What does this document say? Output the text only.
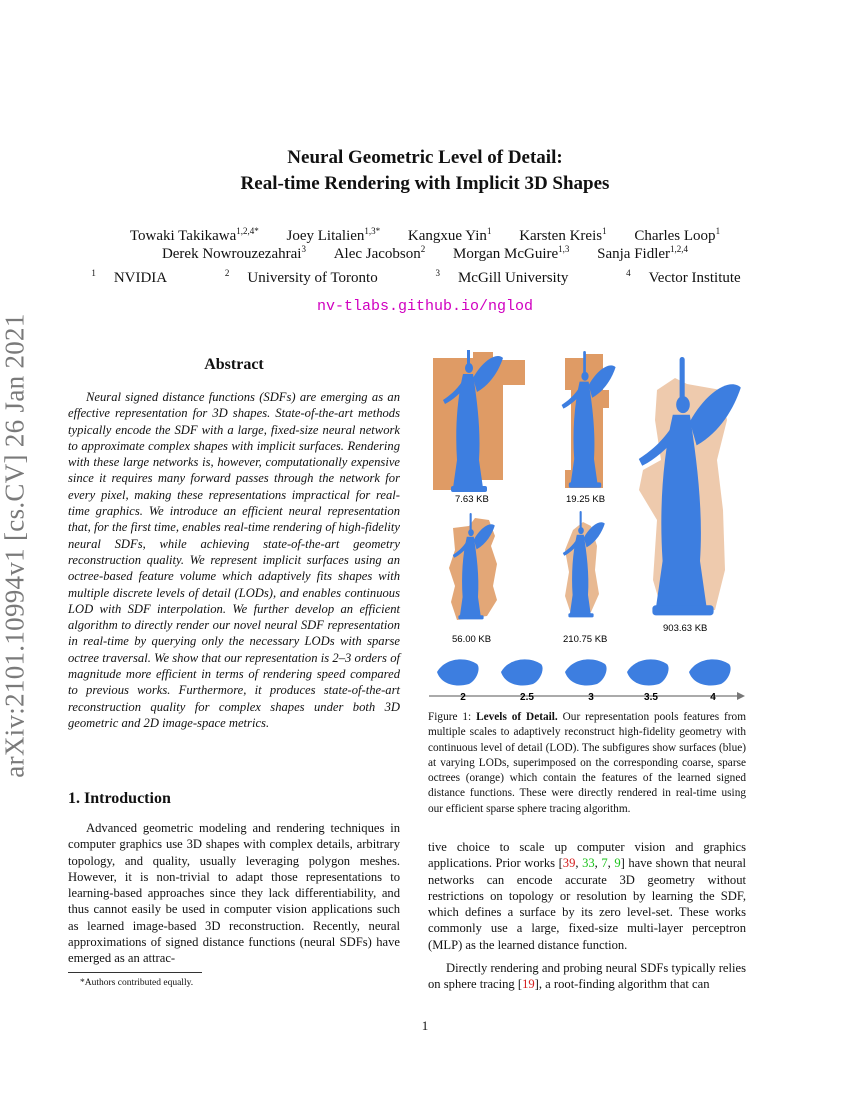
arXiv:2101.10994v1 [cs.CV] 26 Jan 2021
Neural Geometric Level of Detail:
Real-time Rendering with Implicit 3D Shapes
Towaki Takikawa$^{1,2,4*}$ Joey Litalien$^{1,3*}$ Kangxue Yin$^1$ Karsten Kreis$^1$ Charles Loop$^1$
Derek Nowrouzezahrai$^3$ Alec Jacobson$^2$ Morgan McGuire$^{1,3}$ Sanja Fidler$^{1,2,4}$
$^1$ NVIDIA	$^2$ University of Toronto	$^3$ McGill University	$^4$ Vector Institute
nv-tlabs.github.io/nglod
Abstract

Neural signed distance functions (SDFs) are emerging as an effective representation for 3D shapes. State-of-the-art methods typically encode the SDF with a large, fixed-size neural network to approximate complex shapes with implicit surfaces. Rendering with these large networks is, however, computationally expensive since it requires many forward passes through the network for every pixel, making these representations impractical for real-time graphics. We introduce an efficient neural representation that, for the first time, enables real-time rendering of high-fidelity neural SDFs, while achieving state-of-the-art geometry reconstruction quality. We represent implicit surfaces using an octree-based feature volume which adaptively fits shapes with multiple discrete levels of detail (LODs), and enables continuous LOD with SDF interpolation. We further develop an efficient algorithm to directly render our novel neural SDF representation in real-time by querying only the necessary LODs with sparse octree traversal. We show that our representation is 2–3 orders of magnitude more efficient in terms of rendering speed compared to previous works. Furthermore, it produces state-of-the-art reconstruction quality for complex shapes under both 3D geometric and 2D image-space metrics.

1. Introduction

Advanced geometric modeling and rendering techniques in computer graphics use 3D shapes with complex details, arbitrary topology, and quality, usually leveraging polygon meshes. However, it is non-trivial to adapt those representations to learning-based approaches since they lack differentiability, and thus cannot easily be used in computer vision applications such as learned image-based 3D reconstruction. Recently, neural approximations of signed distance functions (neural SDFs) have emerged as an attrac-

*Authors contributed equally.
7.63 KB	19.25 KB
56.00 KB	210.75 KB
903.63 KB
2	2.5	3	3.5	4

Figure 1: Levels of Detail. Our representation pools features from multiple scales to adaptively reconstruct high-fidelity geometry with continuous level of detail (LOD). The subfigures show surfaces (blue) at varying LODs, superimposed on the corresponding coarse, sparse octrees (orange) which contain the features of the learned signed distance functions. These were directly rendered in real-time using our efficient sparse sphere tracing algorithm.

tive choice to scale up computer vision and graphics applications. Prior works [39, 33, 7, 9] have shown that neural networks can encode accurate 3D geometry without restrictions on topology or resolution by learning the SDF, which defines a surface by its zero level-set. These works commonly use a large, fixed-size multi-layer perceptron (MLP) as the learned distance function.

Directly rendering and probing neural SDFs typically relies on sphere tracing [19], a root-finding algorithm that can

1
